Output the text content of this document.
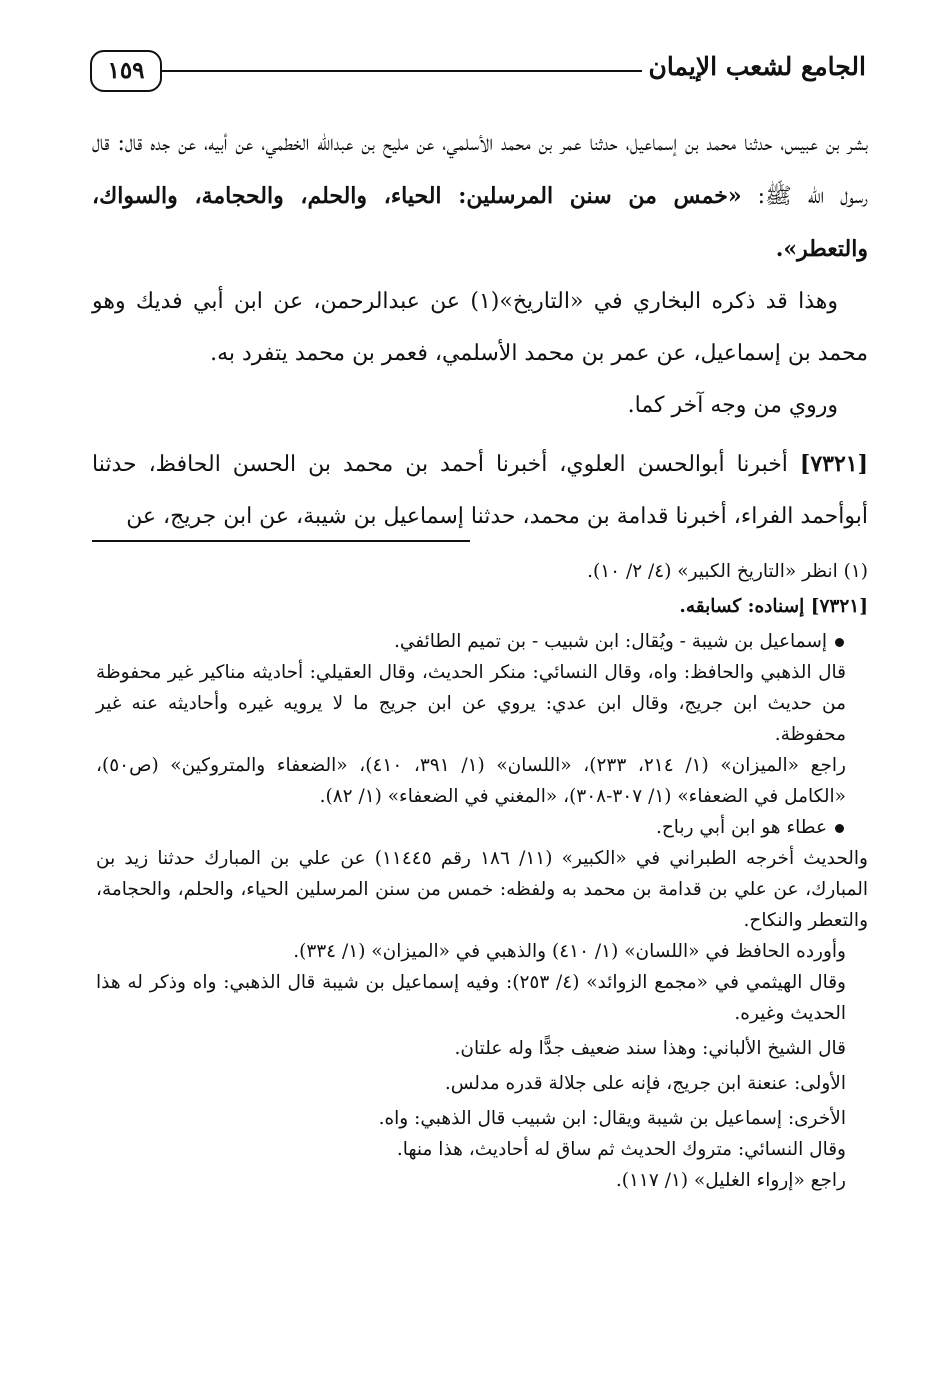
الجامع لشعب الإيمان
١٥٩

بشر بن عبيس، حدثنا محمد بن إسماعيل، حدثنا عمر بن محمد الأسلمي، عن مليح بن عبدالله الخطمي، عن أبيه، عن جده قال: قال رسول الله ﷺ: «خمس من سنن المرسلين: الحياء، والحلم، والحجامة، والسواك، والتعطر».

وهذا قد ذكره البخاري في «التاريخ»(١) عن عبدالرحمن، عن ابن أبي فديك وهو محمد بن إسماعيل، عن عمر بن محمد الأسلمي، فعمر بن محمد يتفرد به.

وروي من وجه آخر كما.

[٧٣٢١] أخبرنا أبوالحسن العلوي، أخبرنا أحمد بن محمد بن الحسن الحافظ، حدثنا أبوأحمد الفراء، أخبرنا قدامة بن محمد، حدثنا إسماعيل بن شيبة، عن ابن جريج، عن

(١) انظر «التاريخ الكبير» (٤/ ٢/ ١٠).

[٧٣٢١] إسناده: كسابقه.

إسماعيل بن شيبة - ويُقال: ابن شبيب - بن تميم الطائفي.

قال الذهبي والحافظ: واه، وقال النسائي: منكر الحديث، وقال العقيلي: أحاديثه مناكير غير محفوظة من حديث ابن جريج، وقال ابن عدي: يروي عن ابن جريج ما لا يرويه غيره وأحاديثه عنه غير محفوظة.

راجع «الميزان» (١/ ٢١٤، ٢٣٣)، «اللسان» (١/ ٣٩١، ٤١٠)، «الضعفاء والمتروكين» (ص٥٠)، «الكامل في الضعفاء» (١/ ٣٠٧-٣٠٨)، «المغني في الضعفاء» (١/ ٨٢).

عطاء هو ابن أبي رباح.

والحديث أخرجه الطبراني في «الكبير» (١١/ ١٨٦ رقم ١١٤٤٥) عن علي بن المبارك حدثنا زيد بن المبارك، عن علي بن قدامة بن محمد به ولفظه: خمس من سنن المرسلين الحياء، والحلم، والحجامة، والتعطر والنكاح.

وأورده الحافظ في «اللسان» (١/ ٤١٠) والذهبي في «الميزان» (١/ ٣٣٤).

وقال الهيثمي في «مجمع الزوائد» (٤/ ٢٥٣): وفيه إسماعيل بن شيبة قال الذهبي: واه وذكر له هذا الحديث وغيره.

قال الشيخ الألباني: وهذا سند ضعيف جدًّا وله علتان.

الأولى: عنعنة ابن جريج، فإنه على جلالة قدره مدلس.

الأخرى: إسماعيل بن شيبة ويقال: ابن شبيب قال الذهبي: واه.

وقال النسائي: متروك الحديث ثم ساق له أحاديث، هذا منها.

راجع «إرواء الغليل» (١/ ١١٧).
